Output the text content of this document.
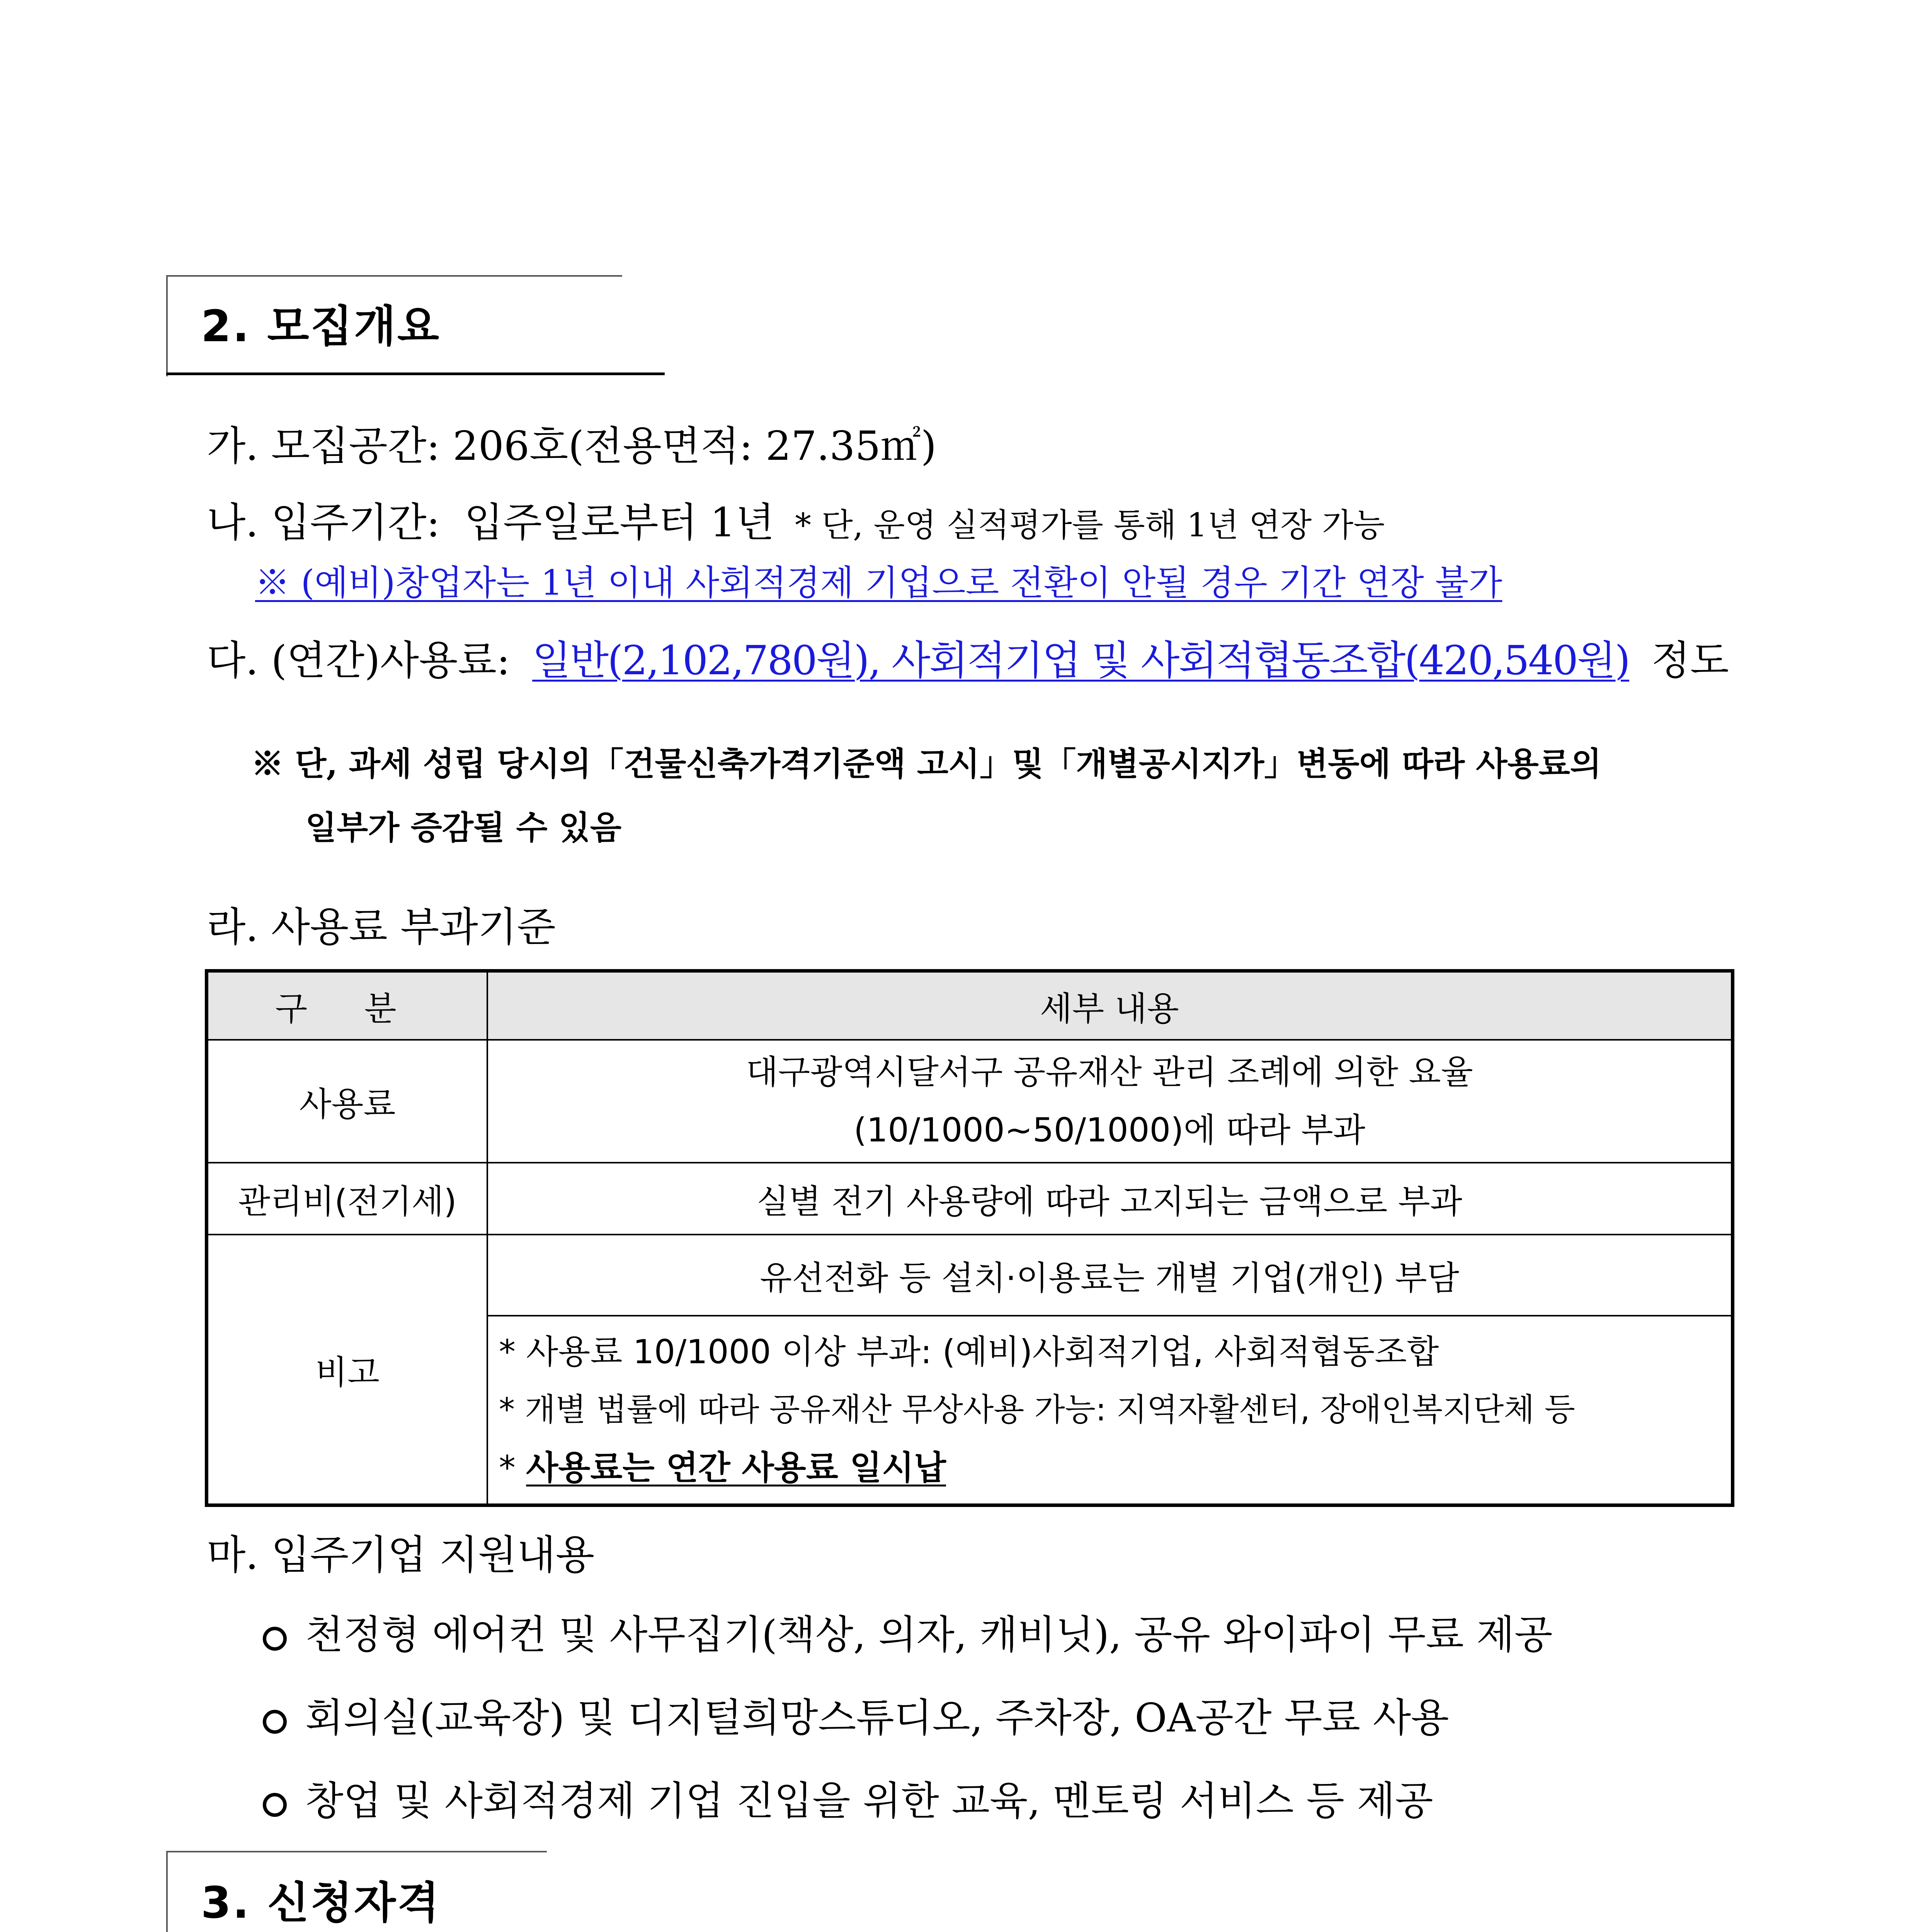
2. 모집개요
가. 모집공간: 206호(전용면적: 27.35㎡)
나. 입주기간: 입주일로부터 1년 * 단, 운영 실적평가를 통해 1년 연장 가능
※ (예비)창업자는 1년 이내 사회적경제 기업으로 전환이 안될 경우 기간 연장 불가
다. (연간)사용료: 일반(2,102,780원), 사회적기업 및 사회적협동조합(420,540원) 정도
※ 단, 과세 성립 당시의「건물신축가격기준액 고시」및「개별공시지가」변동에 따라 사용료의
일부가 증감될 수 있음
라. 사용료 부과기준
구 분	세부 내용
사용료	대구광역시달서구 공유재산 관리 조례에 의한 요율
(10/1000~50/1000)에 따라 부과

관리비(전기세)	실별 전기 사용량에 따라 고지되는 금액으로 부과
비고	유선전화 등 설치·이용료는 개별 기업(개인) 부담

	* 사용료 10/1000 이상 부과: (예비)사회적기업, 사회적협동조합
* 개별 법률에 따라 공유재산 무상사용 가능: 지역자활센터, 장애인복지단체 등
* 사용료는 연간 사용료 일시납
마. 입주기업 지원내용
천정형 에어컨 및 사무집기(책상, 의자, 캐비닛), 공유 와이파이 무료 제공
회의실(교육장) 및 디지털희망스튜디오, 주차장, OA공간 무료 사용
창업 및 사회적경제 기업 진입을 위한 교육, 멘토링 서비스 등 제공
3. 신청자격
